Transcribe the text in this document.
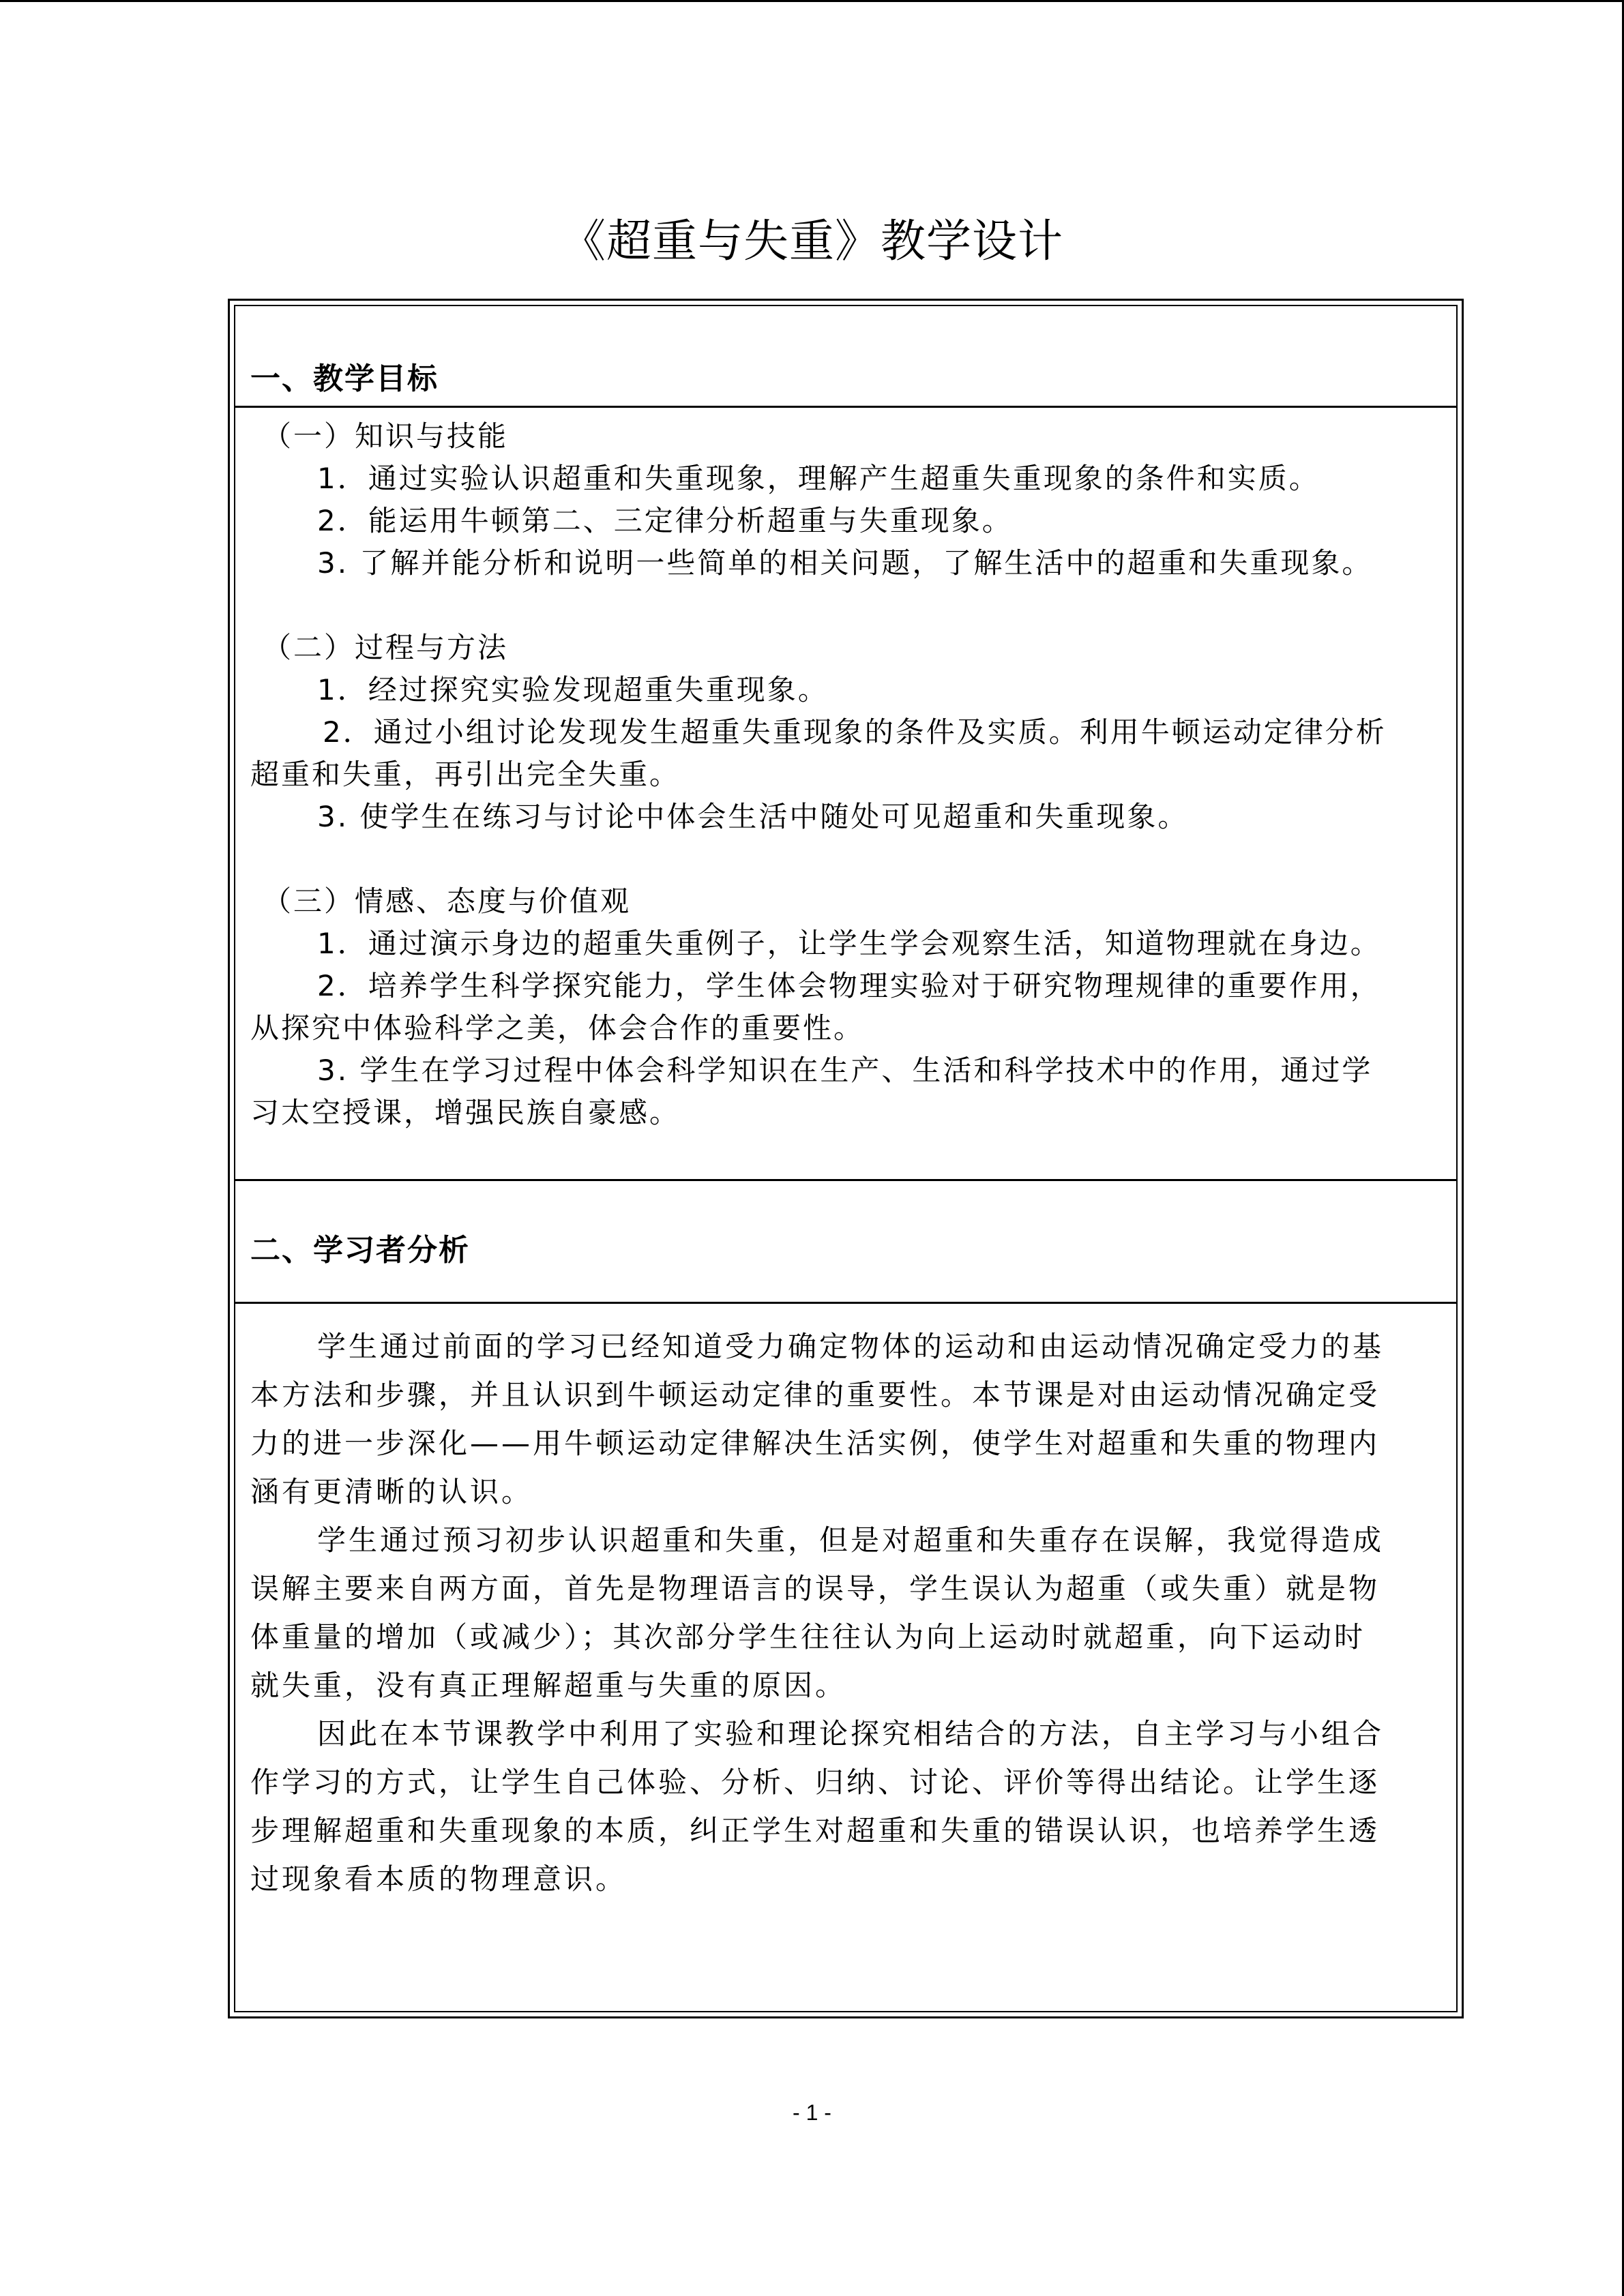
《超重与失重》教学设计
一、教学目标
（一）知识与技能
1．通过实验认识超重和失重现象，理解产生超重失重现象的条件和实质。
2．能运用牛顿第二、三定律分析超重与失重现象。
3. 了解并能分析和说明一些简单的相关问题，了解生活中的超重和失重现象。
（二）过程与方法
1．经过探究实验发现超重失重现象。
2．通过小组讨论发现发生超重失重现象的条件及实质。利用牛顿运动定律分析
超重和失重，再引出完全失重。
3. 使学生在练习与讨论中体会生活中随处可见超重和失重现象。
（三）情感、态度与价值观
1．通过演示身边的超重失重例子，让学生学会观察生活，知道物理就在身边。
2．培养学生科学探究能力，学生体会物理实验对于研究物理规律的重要作用，
从探究中体验科学之美，体会合作的重要性。
3. 学生在学习过程中体会科学知识在生产、生活和科学技术中的作用，通过学
习太空授课，增强民族自豪感。
二、学习者分析
学生通过前面的学习已经知道受力确定物体的运动和由运动情况确定受力的基
本方法和步骤，并且认识到牛顿运动定律的重要性。本节课是对由运动情况确定受
力的进一步深化——用牛顿运动定律解决生活实例，使学生对超重和失重的物理内
涵有更清晰的认识。
学生通过预习初步认识超重和失重，但是对超重和失重存在误解，我觉得造成
误解主要来自两方面，首先是物理语言的误导，学生误认为超重（或失重）就是物
体重量的增加（或减少）；其次部分学生往往认为向上运动时就超重，向下运动时
就失重，没有真正理解超重与失重的原因。
因此在本节课教学中利用了实验和理论探究相结合的方法，自主学习与小组合
作学习的方式，让学生自己体验、分析、归纳、讨论、评价等得出结论。让学生逐
步理解超重和失重现象的本质，纠正学生对超重和失重的错误认识，也培养学生透
过现象看本质的物理意识。
- 1 -
